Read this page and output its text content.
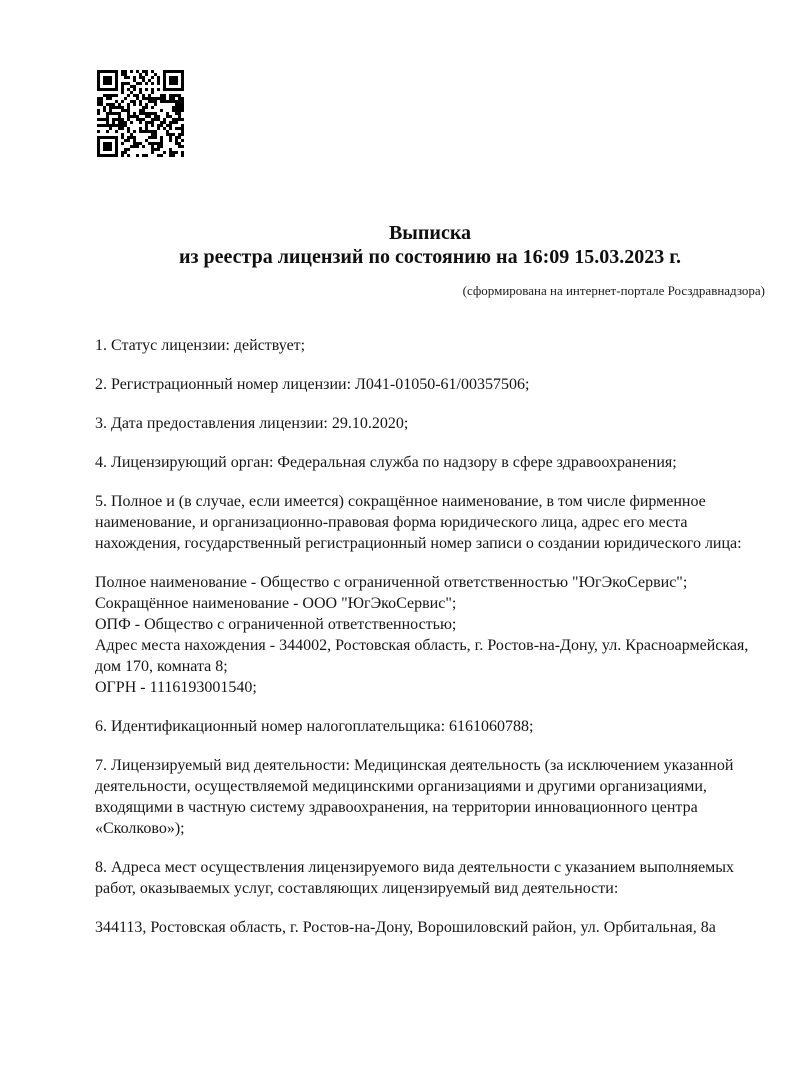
Выписка
из реестра лицензий по состоянию на 16:09 15.03.2023 г.
(сформирована на интернет-портале Росздравнадзора)

1. Статус лицензии: действует;

2. Регистрационный номер лицензии: Л041-01050-61/00357506;

3. Дата предоставления лицензии: 29.10.2020;

4. Лицензирующий орган: Федеральная служба по надзору в сфере здравоохранения;

5. Полное и (в случае, если имеется) сокращённое наименование, в том числе фирменное наименование, и организационно-правовая форма юридического лица, адрес его места нахождения, государственный регистрационный номер записи о создании юридического лица:

Полное наименование - Общество с ограниченной ответственностью "ЮгЭкоСервис";
Сокращённое наименование - ООО "ЮгЭкоСервис";
ОПФ - Общество с ограниченной ответственностью;
Адрес места нахождения - 344002, Ростовская область, г. Ростов-на-Дону, ул. Красноармейская,
дом 170, комната 8;
ОГРН - 1116193001540;

6. Идентификационный номер налогоплательщика: 6161060788;

7. Лицензируемый вид деятельности: Медицинская деятельность (за исключением указанной деятельности, осуществляемой медицинскими организациями и другими организациями, входящими в частную систему здравоохранения, на территории инновационного центра «Сколково»);

8. Адреса мест осуществления лицензируемого вида деятельности с указанием выполняемых работ, оказываемых услуг, составляющих лицензируемый вид деятельности:

344113, Ростовская область, г. Ростов-на-Дону, Ворошиловский район, ул. Орбитальная, 8а
